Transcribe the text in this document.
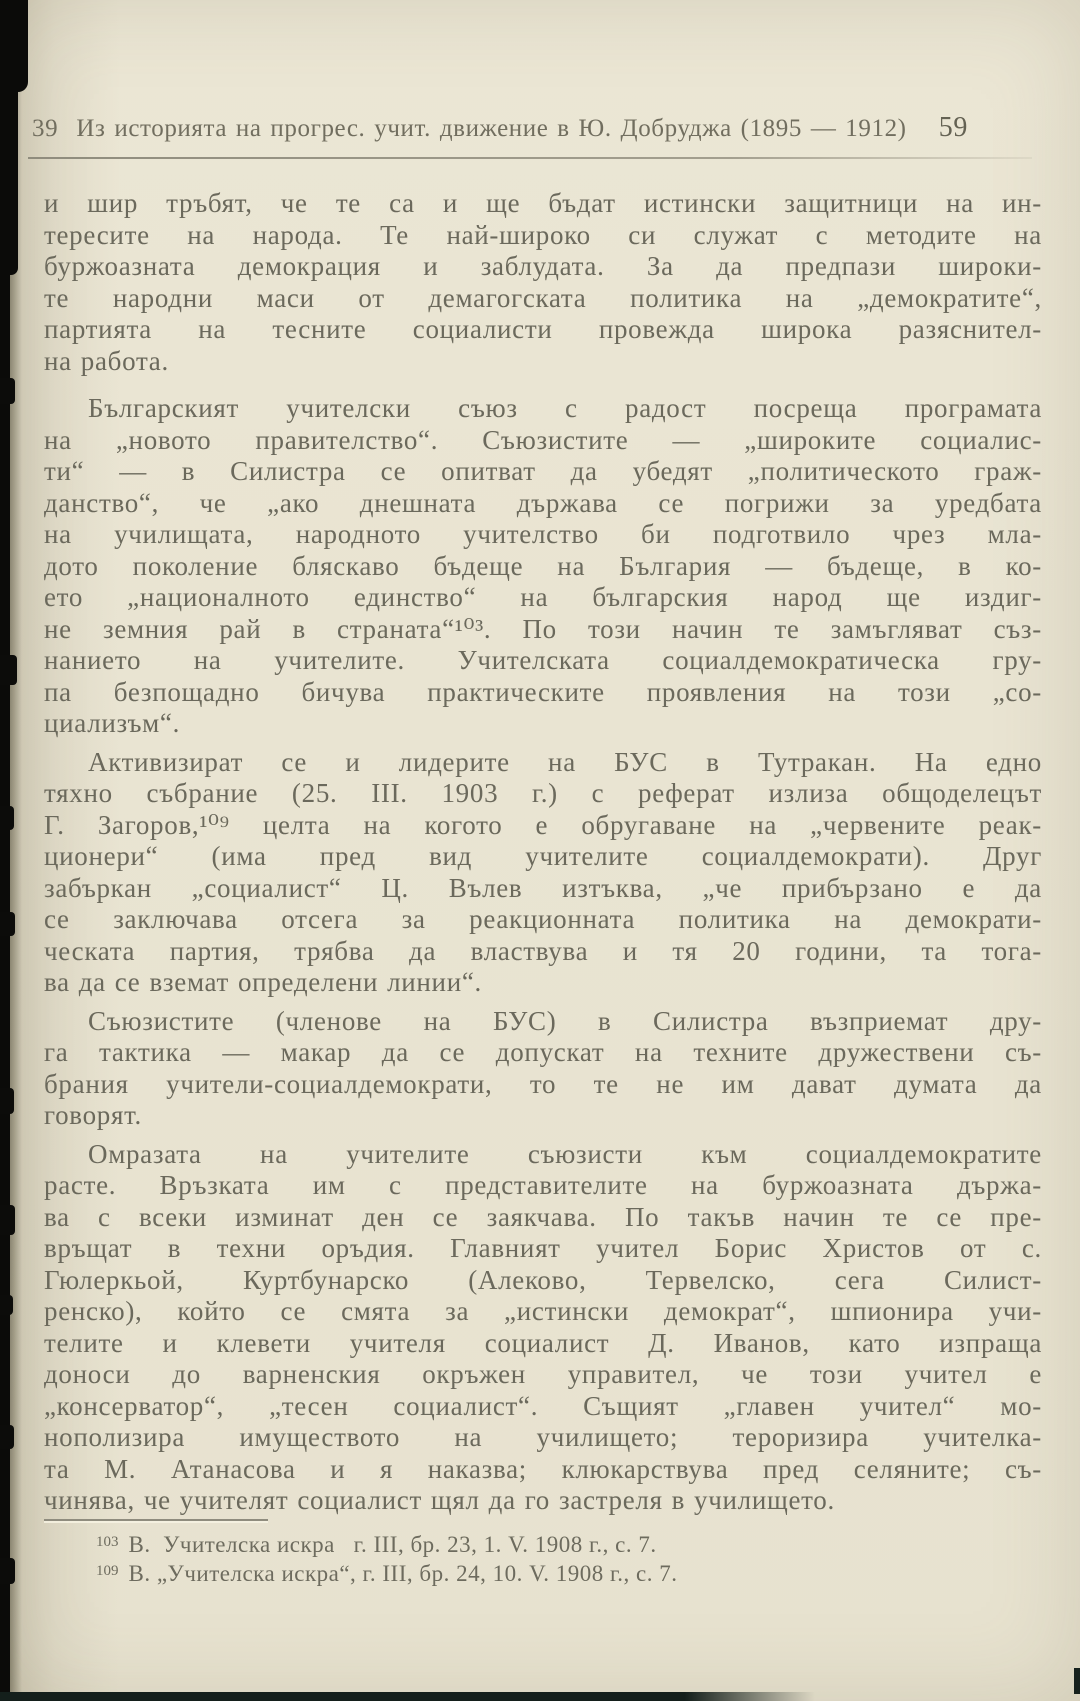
39 Из историята на прогрес. учит. движение в Ю. Добруджа (1895 — 1912)	59
и шир тръбят, че те са и ще бъдат истински защитници на ин-
тересите на народа. Те най-широко си служат с методите на
буржоазната демокрация и заблудата. За да предпази широки-
те народни маси от демагогската политика на „демократите“,
партията на тесните социалисти провежда широка разяснител-
на работа.
Българският учителски съюз с радост посреща програмата
на „новото правителство“. Съюзистите — „широките социалис-
ти“ — в Силистра се опитват да убедят „политическото граж-
данство“, че „ако днешната държава се погрижи за уредбата
на училищата, народното учителство би подготвило чрез мла-
дото поколение бляскаво бъдеще на България — бъдеще, в ко-
ето „националното единство“ на българския народ ще издиг-
не земния рай в страната“¹⁰³. По този начин те замъгляват съз-
нанието на учителите. Учителската социалдемократическа гру-
па безпощадно бичува практическите проявления на този „со-
циализъм“.
Активизират се и лидерите на БУС в Тутракан. На едно
тяхно събрание (25. III. 1903 г.) с реферат излиза общоделецът
Г. Загоров,¹⁰⁹ целта на когото е обругаване на „червените реак-
ционери“ (има пред вид учителите социалдемократи). Друг
забъркан „социалист“ Ц. Вълев изтъква, „че прибързано е да
се заключава отсега за реакционната политика на демократи-
ческата партия, трябва да властвува и тя 20 години, та тога-
ва да се вземат определени линии“.
Съюзистите (членове на БУС) в Силистра възприемат дру-
га тактика — макар да се допускат на техните дружествени съ-
брания учители-социалдемократи, то те не им дават думата да
говорят.
Омразата на учителите съюзисти към социалдемократите
расте. Връзката им с представителите на буржоазната държа-
ва с всеки изминат ден се заякчава. По такъв начин те се пре-
връщат в техни оръдия. Главният учител Борис Христов от с.
Гюлеркьой, Куртбунарско (Алеково, Тервелско, сега Силист-
ренско), който се смята за „истински демократ“, шпионира учи-
телите и клевети учителя социалист Д. Иванов, като изпраща
доноси до варненския окръжен управител, че този учител е
„консерватор“, „тесен социалист“. Същият „главен учител“ мо-
нополизира имуществото на училището; тероризира учителка-
та М. Атанасова и я наказва; клюкарствува пред селяните; съ-
чинява, че учителят социалист щял да го застреля в училището.
$^{103}$ В.  Учителска искра   г. III, бр. 23, 1. V. 1908 г., с. 7.
$^{109}$ В. „Учителска искра“, г. III, бр. 24, 10. V. 1908 г., с. 7.
